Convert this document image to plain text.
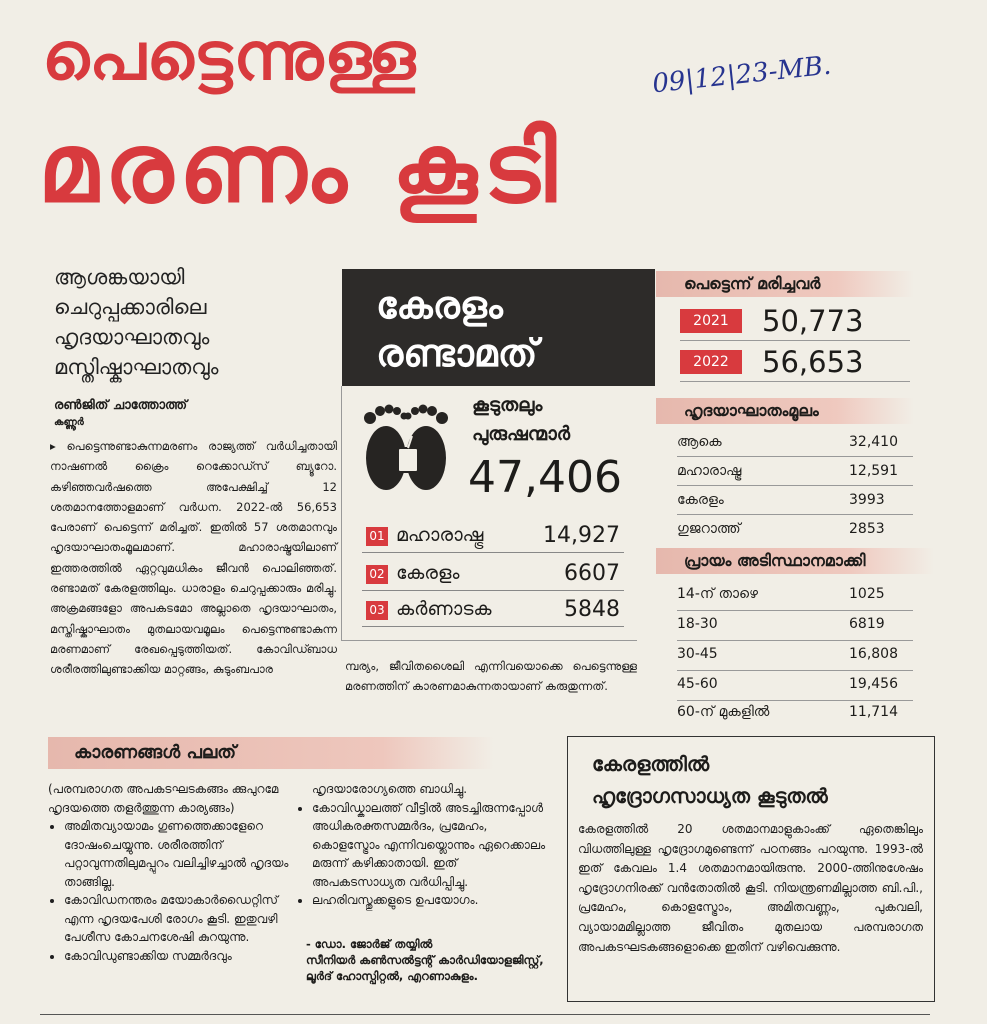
പെട്ടെന്നുള്ള
മരണം കൂടി
09|12|23-MB.
ആശങ്കയായി ചെറുപ്പക്കാരിലെ ഹൃദയാഘാതവും മസ്തിഷ്കാഘാതവും
രൺജിത് ചാത്തോത്ത്
കണ്ണൂർ
▸ പെട്ടെന്നുണ്ടാകുന്നമരണം രാജ്യത്ത് വർധിച്ചതായി നാഷണൽ ക്രൈം റെക്കോഡ്സ് ബ്യൂറോ. കഴിഞ്ഞവർഷത്തെ അപേക്ഷിച്ച് 12 ശതമാനത്തോളമാണ് വർധന. 2022-ൽ 56,653 പേരാണ് പെട്ടെന്ന് മരിച്ചത്. ഇതിൽ 57 ശതമാനവും ഹൃദയാഘാതംമൂലമാണ്. മഹാരാഷ്ട്രയിലാണ് ഇത്തരത്തിൽ ഏറ്റവുമധികം ജീവൻ പൊലിഞ്ഞത്. രണ്ടാമത് കേരളത്തിലും. ധാരാളം ചെറുപ്പക്കാരും മരിച്ചു. അക്രമങ്ങളോ അപകടമോ അല്ലാതെ ഹൃദയാഘാതം, മസ്തിഷ്കാഘാതം മുതലായവമൂലം പെട്ടെന്നുണ്ടാകുന്ന മരണമാണ് രേഖപ്പെടുത്തിയത്. കോവിഡ്ബാധ ശരീരത്തിലുണ്ടാക്കിയ മാറ്റങ്ങം, കുടുംബപാര	മ്പര്യം, ജീവിതശൈലി എന്നിവയൊക്കെ പെട്ടെന്നുള്ള മരണത്തിന് കാരണമാകുന്നതായാണ് കരുതുന്നത്.
കേരളം
രണ്ടാമത്
കൂടുതലും
പുരുഷന്മാർ
47,406
01 മഹാരാഷ്ട്ര	14,927
02 കേരളം	6607
03 കർണാടക	5848
പെട്ടെന്ന് മരിച്ചവർ
2021	50,773
2022	56,653
ഹൃദയാഘാതംമൂലം
ആകെ	32,410
മഹാരാഷ്ട്ര	12,591
കേരളം	3993
ഗുജറാത്ത്	2853
പ്രായം അടിസ്ഥാനമാക്കി
14-ന് താഴെ	1025
18-30	6819
30-45	16,808
45-60	19,456
60-ന് മുകളിൽ	11,714
കാരണങ്ങൾ പലത്
(പരമ്പരാഗത അപകടഘടകങ്ങം ക്കുപുറമേ ഹൃദയത്തെ തളർത്തുന്ന കാര്യങ്ങം)
• അമിതവ്യായാമം ഗുണത്തെക്കാളേറെ ദോഷംചെയ്യുന്നു. ശരീരത്തിന് പറ്റാവുന്നതിലുമപ്പുറം വലിച്ചിഴച്ചാൽ ഹൃദയം താങ്ങില്ല.
• കോവിഡനന്തരം മയോകാർഡൈറ്റിസ് എന്ന ഹൃദയപേശി രോഗം കൂടി. ഇതുവഴി പേശീസ കോചനശേഷി കുറയുന്നു.
• കോവിഡുണ്ടാക്കിയ സമ്മർദവും
ഹൃദയാരോഗ്യത്തെ ബാധിച്ചു.
• കോവിഡ്കാലത്ത് വീട്ടിൽ അടച്ചിരുന്നപ്പോൾ അധികരക്തസമ്മർദം, പ്രമേഹം, കൊളസ്ട്രോം എന്നിവയ്ലൊന്നും ഏറെക്കാലം മരുന്ന് കഴിക്കാതായി. ഇത് അപകടസാധ്യത വർധിപ്പിച്ചു.
• ലഹരിവസ്തുക്കളുടെ ഉപയോഗം.
- ഡോ. ജോർജ് തയ്യിൽ
സീനിയർ കൺസൽട്ടന്റ് കാർഡിയോളജിസ്റ്റ്,
ലൂർദ് ഹോസ്പിറ്റൽ, എറണാകുളം.
കേരളത്തിൽ
ഹൃദ്രോഗസാധ്യത കൂടുതൽ
കേരളത്തിൽ 20 ശതമാനമാളുകാംക്ക് ഏതെങ്കിലും വിധത്തിലുള്ള ഹൃദ്രോഗമുണ്ടെന്ന് പഠനങ്ങം പറയുന്നു. 1993-ൽ ഇത് കേവലം 1.4 ശതമാനമായിരുന്നു. 2000-ത്തിനുശേഷം ഹൃദ്രോഗനിരക്ക് വൻതോതിൽ കൂടി. നിയന്ത്രണമില്ലാത്ത ബി.പി., പ്രമേഹം, കൊളസ്ട്രോം, അമിതവണ്ണം, പുകവലി, വ്യായാമമില്ലാത്ത ജീവിതം മുതലായ പരമ്പരാഗത അപകടഘടകങ്ങളൊക്കെ ഇതിന് വഴിവെക്കുന്നു.
